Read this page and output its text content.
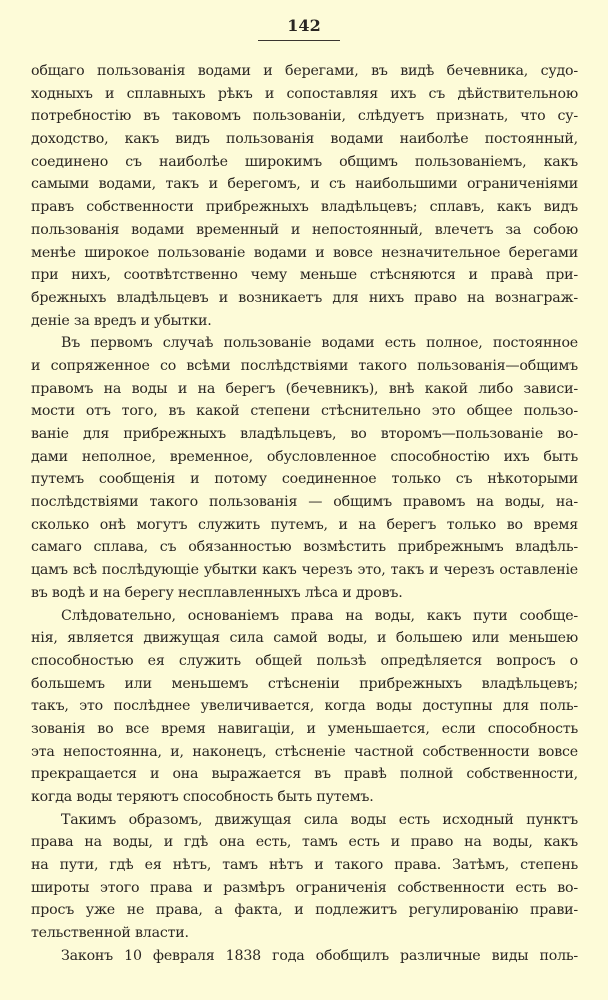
142
общаго пользованія водами и берегами, въ видѣ бечевника, судо-
ходныхъ и сплавныхъ рѣкъ и сопоставляя ихъ съ дѣйствительною
потребностію въ таковомъ пользованіи, слѣдуетъ признать, что су-
доходство, какъ видъ пользованія водами наиболѣе постоянный,
соединено съ наиболѣе широкимъ общимъ пользованіемъ, какъ
самыми водами, такъ и берегомъ, и съ наибольшими ограниченіями
правъ собственности прибрежныхъ владѣльцевъ; сплавъ, какъ видъ
пользованія водами временный и непостоянный, влечетъ за собою
менѣе широкое пользованіе водами и вовсе незначительное берегами
при нихъ, соотвѣтственно чему меньше стѣсняются и права̀ при-
брежныхъ владѣльцевъ и возникаетъ для нихъ право на вознаграж-
деніе за вредъ и убытки.
Въ первомъ случаѣ пользованіе водами есть полное, постоянное
и сопряженное со всѣми послѣдствіями такого пользованія—общимъ
правомъ на воды и на берегъ (бечевникъ), внѣ какой либо зависи-
мости отъ того, въ какой степени стѣснительно это общее пользо-
ваніе для прибрежныхъ владѣльцевъ, во второмъ—пользованіе во-
дами неполное, временное, обусловленное способностію ихъ быть
путемъ сообщенія и потому соединенное только съ нѣкоторыми
послѣдствіями такого пользованія — общимъ правомъ на воды, на-
сколько онѣ могутъ служить путемъ, и на берегъ только во время
самаго сплава, съ обязанностью возмѣстить прибрежнымъ владѣль-
цамъ всѣ послѣдующіе убытки какъ черезъ это, такъ и черезъ оставленіе
въ водѣ и на берегу несплавленныхъ лѣса и дровъ.
Слѣдовательно, основаніемъ права на воды, какъ пути сообще-
нія, является движущая сила самой воды, и большею или меньшею
способностью ея служить общей пользѣ опредѣляется вопросъ о
большемъ или меньшемъ стѣсненіи прибрежныхъ владѣльцевъ;
такъ, это послѣднее увеличивается, когда воды доступны для поль-
зованія во все время навигаціи, и уменьшается, если способность
эта непостоянна, и, наконецъ, стѣсненіе частной собственности вовсе
прекращается и она выражается въ правѣ полной собственности,
когда воды теряютъ способность быть путемъ.
Такимъ образомъ, движущая сила воды есть исходный пунктъ
права на воды, и гдѣ она есть, тамъ есть и право на воды, какъ
на пути, гдѣ ея нѣтъ, тамъ нѣтъ и такого права. Затѣмъ, степень
широты этого права и размѣръ ограниченія собственности есть во-
просъ уже не права, а факта, и подлежитъ регулированію прави-
тельственной власти.
Законъ 10 февраля 1838 года обобщилъ различные виды поль-
